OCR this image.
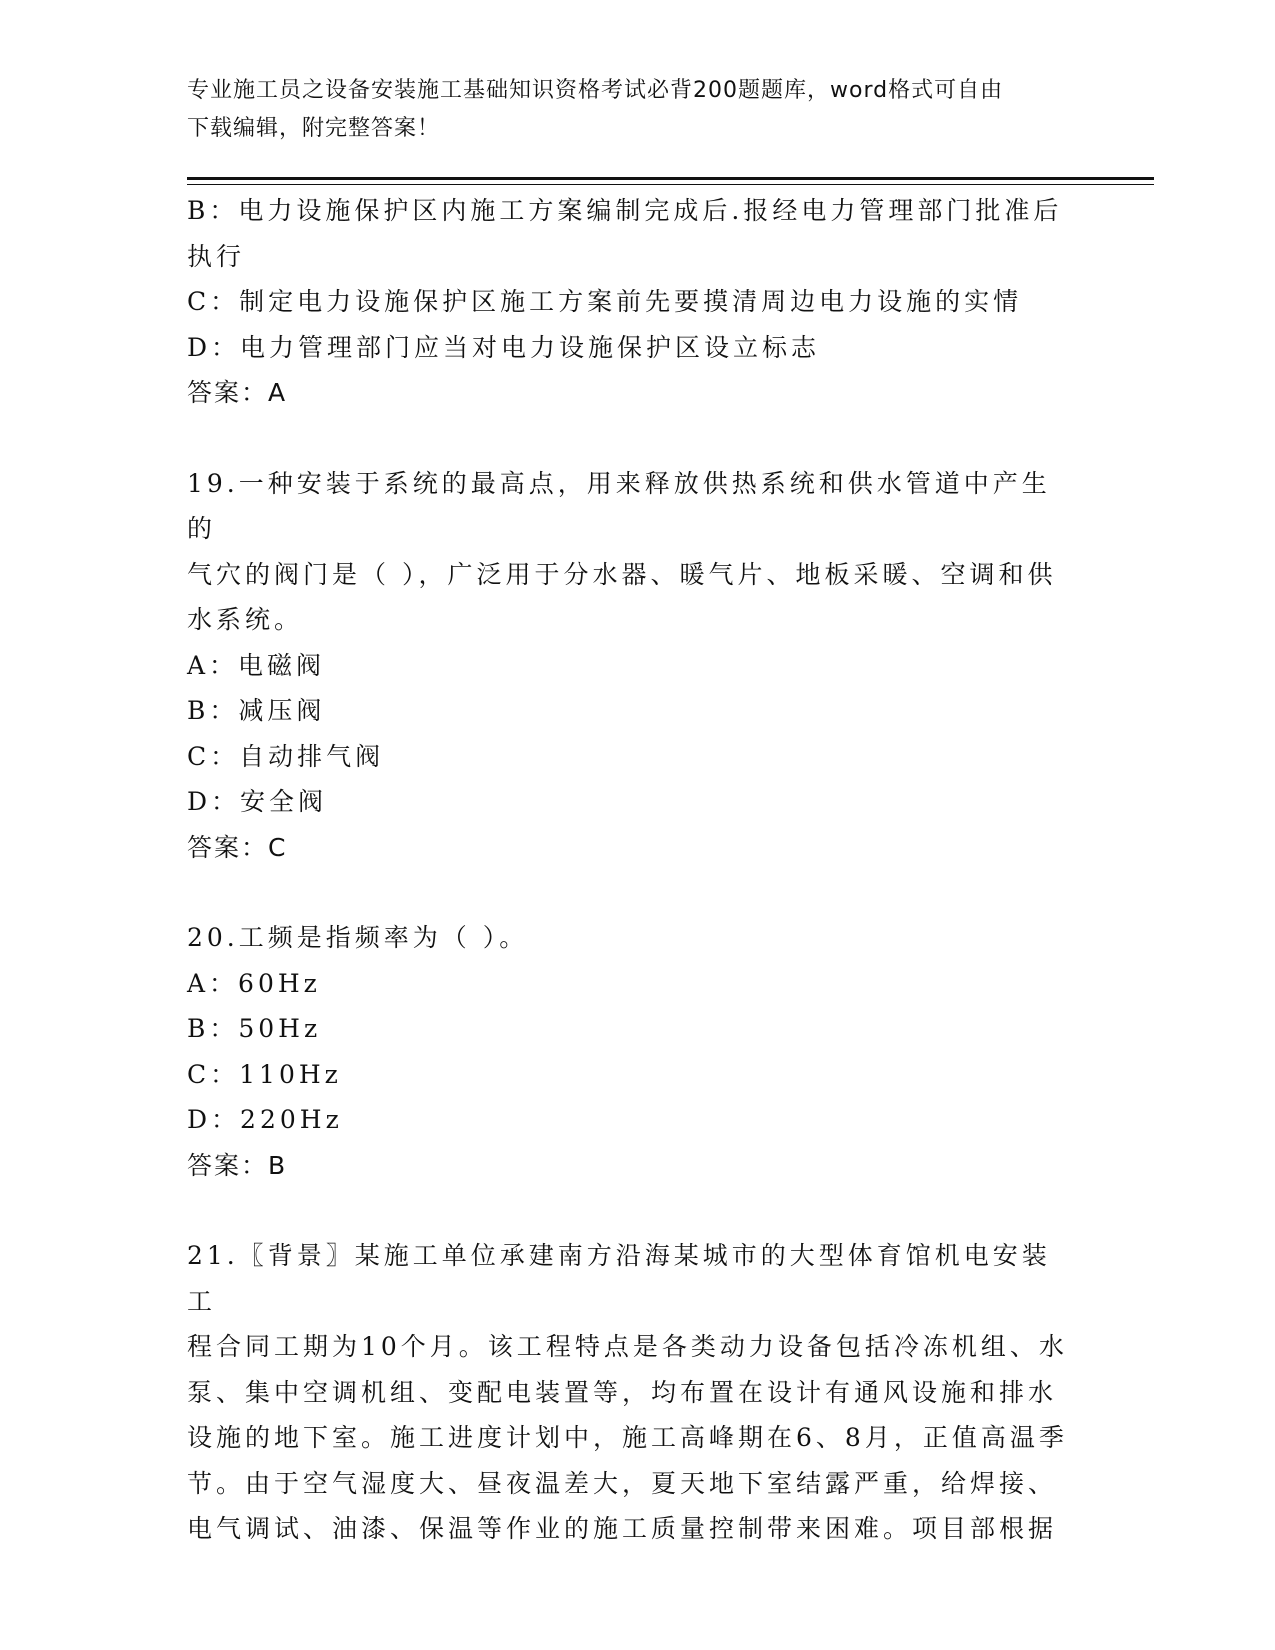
专业施工员之设备安装施工基础知识资格考试必背200题题库，word格式可自由
下载编辑，附完整答案！
B：电力设施保护区内施工方案编制完成后.报经电力管理部门批准后
执行
C：制定电力设施保护区施工方案前先要摸清周边电力设施的实情
D：电力管理部门应当对电力设施保护区设立标志
答案：A
19.一种安装于系统的最高点，用来释放供热系统和供水管道中产生的
气穴的阀门是（ ），广泛用于分水器、暖气片、地板采暖、空调和供
水系统。
A：电磁阀
B：减压阀
C：自动排气阀
D：安全阀
答案：C
20.工频是指频率为（ ）。
A：60Hz
B：50Hz
C：110Hz
D：220Hz
答案：B
21.〖背景〗某施工单位承建南方沿海某城市的大型体育馆机电安装工
程合同工期为10个月。该工程特点是各类动力设备包括冷冻机组、水
泵、集中空调机组、变配电装置等，均布置在设计有通风设施和排水
设施的地下室。施工进度计划中，施工高峰期在6、8月，正值高温季
节。由于空气湿度大、昼夜温差大，夏天地下室结露严重，给焊接、
电气调试、油漆、保温等作业的施工质量控制带来困难。项目部根据
